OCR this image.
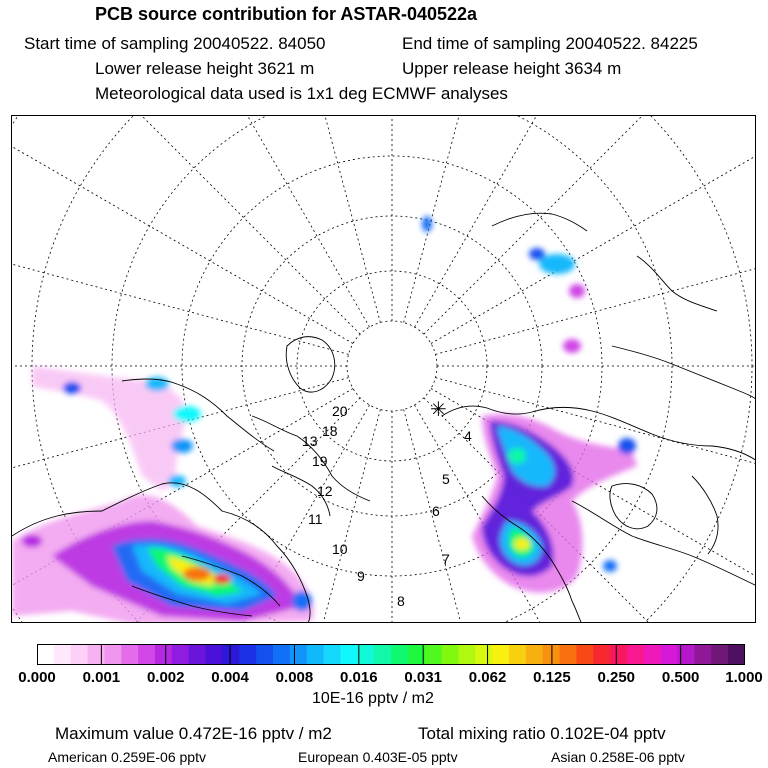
PCB source contribution for ASTAR-040522a
Start time of sampling 20040522. 84050	End time of sampling 20040522. 84225
Lower release height 3621 m	Upper release height 3634 m
Meteorological data used is 1x1 deg ECMWF analyses
4
5
6
7
8
9
10
11
12
13
19
18
20	✳
0.000 0.001 0.002 0.004 0.008 0.016 0.031 0.062 0.125 0.250 0.500 1.000
10E-16 pptv / m2
Maximum value 0.472E-16 pptv / m2	Total mixing ratio 0.102E-04 pptv
American 0.259E-06 pptv	European 0.403E-05 pptv	Asian 0.258E-06 pptv
